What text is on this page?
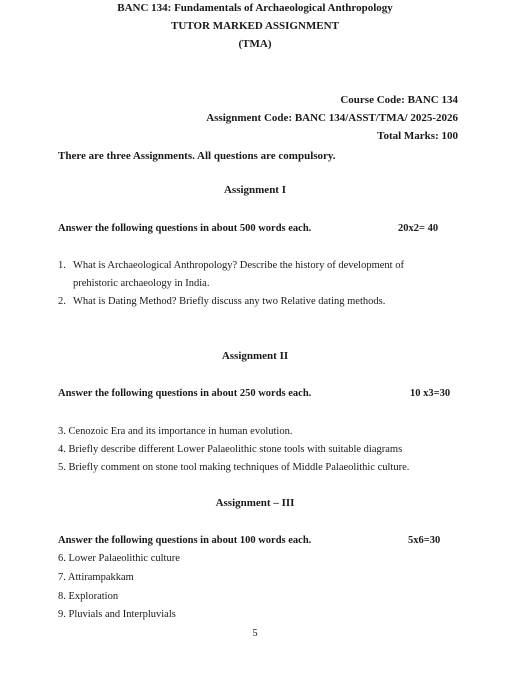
BANC 134: Fundamentals of Archaeological Anthropology
TUTOR MARKED ASSIGNMENT
(TMA)
Course Code: BANC 134
Assignment Code: BANC 134/ASST/TMA/ 2025-2026
Total Marks: 100
There are three Assignments. All questions are compulsory.
Assignment I
Answer the following questions in about 500 words each.	20x2= 40
1. What is Archaeological Anthropology? Describe the history of development of
prehistoric archaeology in India.
2. What is Dating Method? Briefly discuss any two Relative dating methods.
Assignment II
Answer the following questions in about 250 words each.	10 x3=30
3. Cenozoic Era and its importance in human evolution.
4. Briefly describe different Lower Palaeolithic stone tools with suitable diagrams
5. Briefly comment on stone tool making techniques of Middle Palaeolithic culture.
Assignment – III
Answer the following questions in about 100 words each.	5x6=30
6. Lower Palaeolithic culture
7. Attirampakkam
8. Exploration
9. Pluvials and Interpluvials
5
